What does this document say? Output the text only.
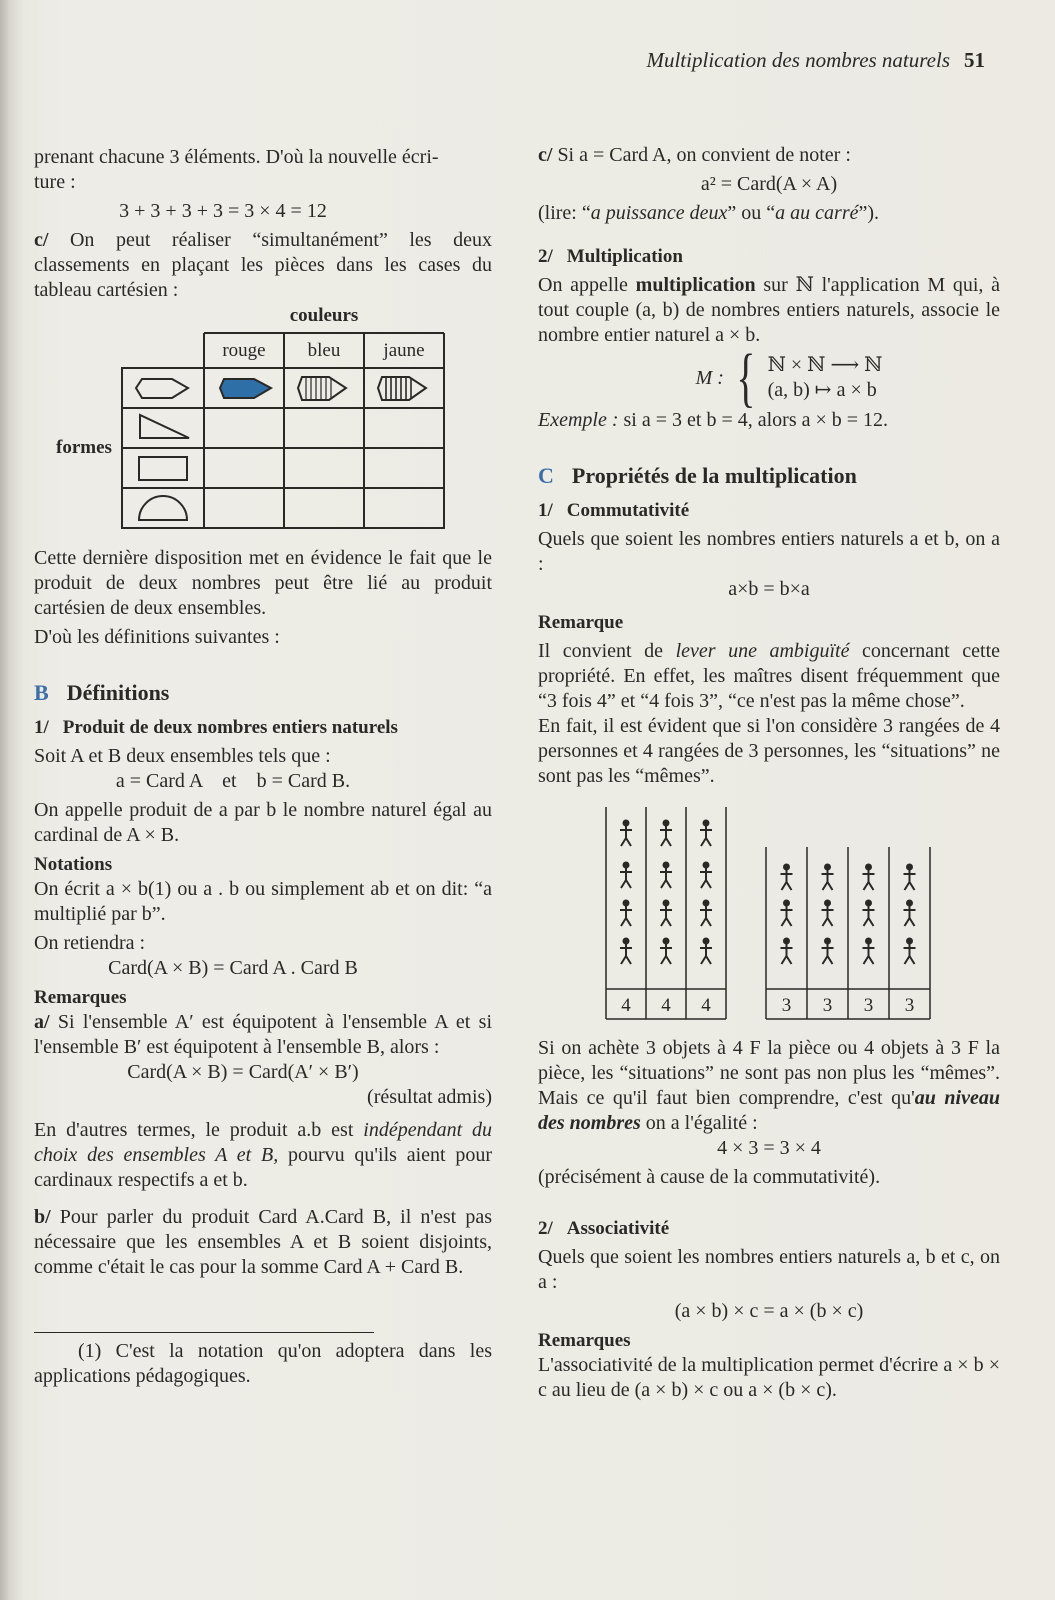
Multiplication des nombres naturels 51

prenant chacune 3 éléments. D'où la nouvelle écri-

ture :

3 + 3 + 3 + 3 = 3 × 4 = 12

c/ On peut réaliser “simultanément” les deux classements en plaçant les pièces dans les cases du tableau cartésien :

couleurs
rouge bleu jaune
formes

Cette dernière disposition met en évidence le fait que le produit de deux nombres peut être lié au produit cartésien de deux ensembles.

D'où les définitions suivantes :

B Définitions

1/ Produit de deux nombres entiers naturels

Soit A et B deux ensembles tels que :

a = Card A    et    b = Card B.

On appelle produit de a par b le nombre naturel égal au cardinal de A × B.

Notations

On écrit a × b(1) ou a . b ou simplement ab et on dit: “a multiplié par b”.

On retiendra :

Card(A × B) = Card A . Card B

Remarques

a/ Si l'ensemble A′ est équipotent à l'ensemble A et si l'ensemble B′ est équipotent à l'ensemble B, alors :

Card(A × B) = Card(A′ × B′)

(résultat admis)

En d'autres termes, le produit a.b est indépendant du choix des ensembles A et B, pourvu qu'ils aient pour cardinaux respectifs a et b.

b/ Pour parler du produit Card A.Card B, il n'est pas nécessaire que les ensembles A et B soient disjoints, comme c'était le cas pour la somme Card A + Card B.

(1) C'est la notation qu'on adoptera dans les applications pédagogiques.

c/ Si a = Card A, on convient de noter :

a² = Card(A × A)

(lire: “a puissance deux” ou “a au carré”).

2/ Multiplication

On appelle multiplication sur ℕ l'application M qui, à tout couple (a, b) de nombres entiers naturels, associe le nombre entier naturel a × b.

M : { ℕ × ℕ ⟶ ℕ
(a, b) ↦ a × b

Exemple : si a = 3 et b = 4, alors a × b = 12.

C Propriétés de la multiplication

1/ Commutativité

Quels que soient les nombres entiers naturels a et b, on a :

a×b = b×a

Remarque

Il convient de lever une ambiguïté concernant cette propriété. En effet, les maîtres disent fréquemment que “3 fois 4” et “4 fois 3”, “ce n'est pas la même chose”.

En fait, il est évident que si l'on considère 3 rangées de 4 personnes et 4 rangées de 3 personnes, les “situations” ne sont pas les “mêmes”.

4 4 4	3 3 3 3

Si on achète 3 objets à 4 F la pièce ou 4 objets à 3 F la pièce, les “situations” ne sont pas non plus les “mêmes”. Mais ce qu'il faut bien comprendre, c'est qu'au niveau des nombres on a l'égalité :

4 × 3 = 3 × 4

(précisément à cause de la commutativité).

2/ Associativité

Quels que soient les nombres entiers naturels a, b et c, on a :

(a × b) × c = a × (b × c)

Remarques

L'associativité de la multiplication permet d'écrire a × b × c au lieu de (a × b) × c ou a × (b × c).
